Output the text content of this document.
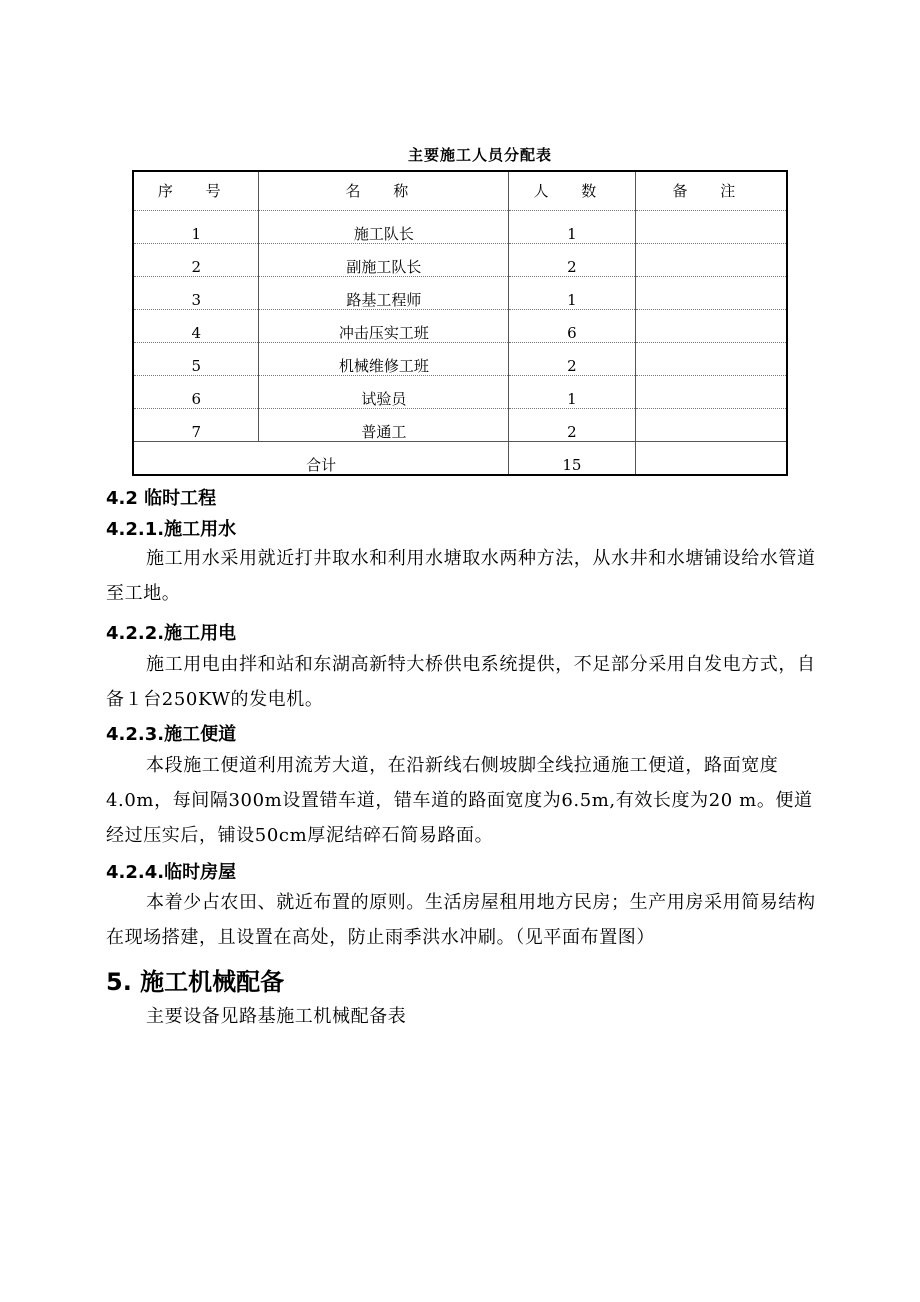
主要施工人员分配表
序 号	名 称	人 数	备 注
1	施工队长	1	
2	副施工队长	2	
3	路基工程师	1	
4	冲击压实工班	6	
5	机械维修工班	2	
6	试验员	1	
7	普通工	2	
合计		15	
4.2 临时工程
4.2.1.施工用水
施工用水采用就近打井取水和利用水塘取水两种方法，从水井和水塘铺设给水管道至工地。
4.2.2.施工用电
施工用电由拌和站和东湖高新特大桥供电系统提供，不足部分采用自发电方式，自备１台250KW的发电机。
4.2.3.施工便道
本段施工便道利用流芳大道，在沿新线右侧坡脚全线拉通施工便道，路面宽度4.0m，每间隔300m设置错车道，错车道的路面宽度为6.5m,有效长度为20 m。便道经过压实后，铺设50cm厚泥结碎石简易路面。
4.2.4.临时房屋
本着少占农田、就近布置的原则。生活房屋租用地方民房；生产用房采用简易结构在现场搭建，且设置在高处，防止雨季洪水冲刷。（见平面布置图）
5. 施工机械配备
主要设备见路基施工机械配备表
